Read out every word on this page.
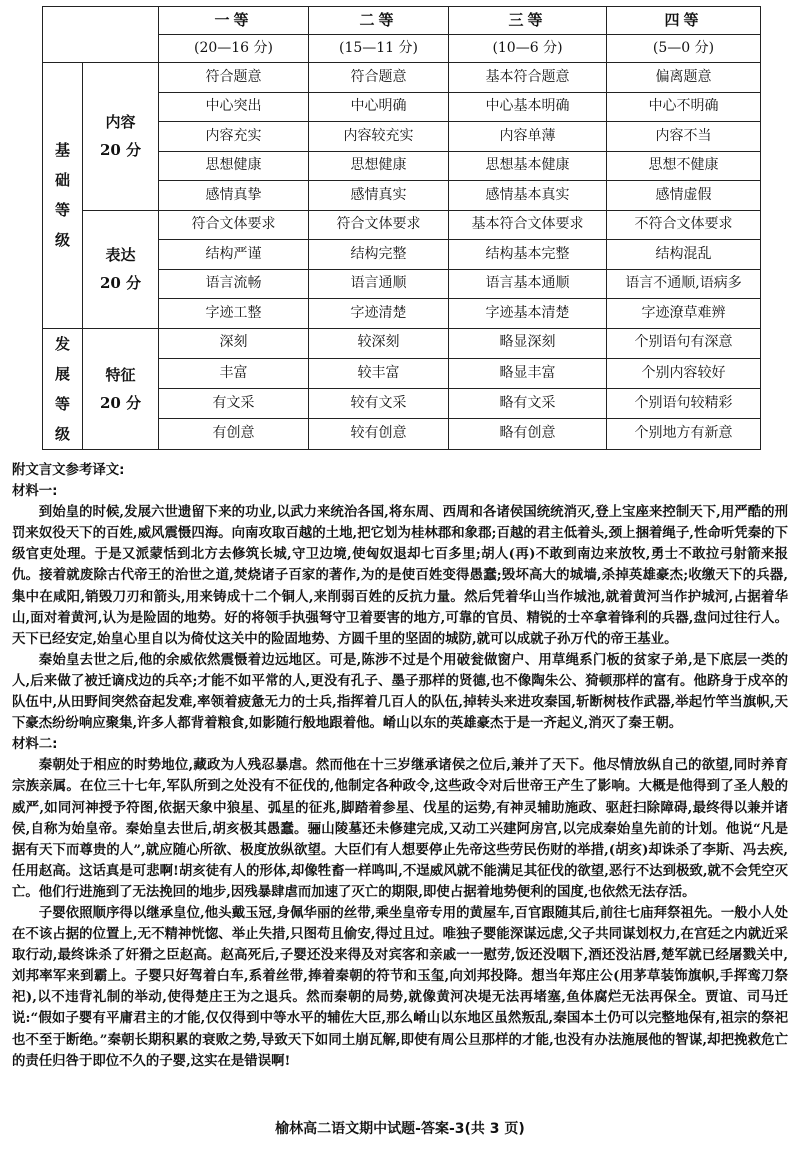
		一等	二等	三等	四等
		(20—16 分)	(15—11 分)	(10—6 分)	(5—0 分)
基础等级	内容
20 分	符合题意	符合题意	基本符合题意	偏离题意
		中心突出	中心明确	中心基本明确	中心不明确
		内容充实	内容较充实	内容单薄	内容不当
		思想健康	思想健康	思想基本健康	思想不健康
		感情真挚	感情真实	感情基本真实	感情虚假

	表达
20 分	符合文体要求	符合文体要求	基本符合文体要求	不符合文体要求
		结构严谨	结构完整	结构基本完整	结构混乱
		语言流畅	语言通顺	语言基本通顺	语言不通顺,语病多
		字迹工整	字迹清楚	字迹基本清楚	字迹潦草难辨
发展等级	特征
20 分	深刻	较深刻	略显深刻	个别语句有深意
		丰富	较丰富	略显丰富	个别内容较好
		有文采	较有文采	略有文采	个别语句较精彩
		有创意	较有创意	略有创意	个别地方有新意
附文言文参考译文:
材料一:

到始皇的时候,发展六世遗留下来的功业,以武力来统治各国,将东周、西周和各诸侯国统统消灭,登上宝座来控制天下,用严酷的刑罚来奴役天下的百姓,威风震慑四海。向南攻取百越的土地,把它划为桂林郡和象郡;百越的君主低着头,颈上捆着绳子,性命听凭秦的下级官吏处理。于是又派蒙恬到北方去修筑长城,守卫边境,使匈奴退却七百多里;胡人(再)不敢到南边来放牧,勇士不敢拉弓射箭来报仇。接着就废除古代帝王的治世之道,焚烧诸子百家的著作,为的是使百姓变得愚蠢;毁坏高大的城墙,杀掉英雄豪杰;收缴天下的兵器,集中在咸阳,销毁刀刃和箭头,用来铸成十二个铜人,来削弱百姓的反抗力量。然后凭着华山当作城池,就着黄河当作护城河,占据着华山,面对着黄河,认为是险固的地势。好的将领手执强弩守卫着要害的地方,可靠的官员、精锐的士卒拿着锋利的兵器,盘问过往行人。天下已经安定,始皇心里自以为倚仗这关中的险固地势、方圆千里的坚固的城防,就可以成就子孙万代的帝王基业。

秦始皇去世之后,他的余威依然震慑着边远地区。可是,陈涉不过是个用破瓮做窗户、用草绳系门板的贫家子弟,是下底层一类的人,后来做了被迁谪戍边的兵卒;才能不如平常的人,更没有孔子、墨子那样的贤德,也不像陶朱公、猗顿那样的富有。他跻身于戍卒的队伍中,从田野间突然奋起发难,率领着疲惫无力的士兵,指挥着几百人的队伍,掉转头来进攻秦国,斩断树枝作武器,举起竹竿当旗帜,天下豪杰纷纷响应聚集,许多人都背着粮食,如影随行般地跟着他。崤山以东的英雄豪杰于是一齐起义,消灭了秦王朝。

材料二:

秦朝处于相应的时势地位,藏政为人残忍暴虐。然而他在十三岁继承诸侯之位后,兼并了天下。他尽情放纵自己的欲望,同时养育宗族亲属。在位三十七年,军队所到之处没有不征伐的,他制定各种政令,这些政令对后世帝王产生了影响。大概是他得到了圣人般的威严,如同河神授予符图,依据天象中狼星、弧星的征兆,脚踏着参星、伐星的运势,有神灵辅助施政、驱赶扫除障碍,最终得以兼并诸侯,自称为始皇帝。秦始皇去世后,胡亥极其愚蠢。骊山陵墓还未修建完成,又动工兴建阿房宫,以完成秦始皇先前的计划。他说“凡是据有天下而尊贵的人”,就应随心所欲、极度放纵欲望。大臣们有人想要停止先帝这些劳民伤财的举措,(胡亥)却诛杀了李斯、冯去疾,任用赵高。这话真是可悲啊!胡亥徒有人的形体,却像牲畜一样鸣叫,不逞威风就不能满足其征伐的欲望,恶行不达到极致,就不会凭空灭亡。他们行进施到了无法挽回的地步,因残暴肆虐而加速了灭亡的期限,即使占据着地势便利的国度,也依然无法存活。

子婴依照顺序得以继承皇位,他头戴玉冠,身佩华丽的丝带,乘坐皇帝专用的黄屋车,百官跟随其后,前往七庙拜祭祖先。一般小人处在不该占据的位置上,无不精神恍惚、举止失措,只图苟且偷安,得过且过。唯独子婴能深谋远虑,父子共同谋划权力,在宫廷之内就近采取行动,最终诛杀了奸猾之臣赵高。赵高死后,子婴还没来得及对宾客和亲戚一一慰劳,饭还没咽下,酒还没沾唇,楚军就已经屠戮关中,刘邦率军来到霸上。子婴只好驾着白车,系着丝带,捧着秦朝的符节和玉玺,向刘邦投降。想当年郑庄公(用茅草装饰旗帜,手挥鸾刀祭祀),以不违背礼制的举动,使得楚庄王为之退兵。然而秦朝的局势,就像黄河决堤无法再堵塞,鱼体腐烂无法再保全。贾谊、司马迁说:“假如子婴有平庸君主的才能,仅仅得到中等水平的辅佐大臣,那么崤山以东地区虽然叛乱,秦国本土仍可以完整地保有,祖宗的祭祀也不至于断绝。”秦朝长期积累的衰败之势,导致天下如同土崩瓦解,即使有周公旦那样的才能,也没有办法施展他的智谋,却把挽救危亡的责任归咎于即位不久的子婴,这实在是错误啊!

榆林高二语文期中试题-答案-3(共 3 页)
